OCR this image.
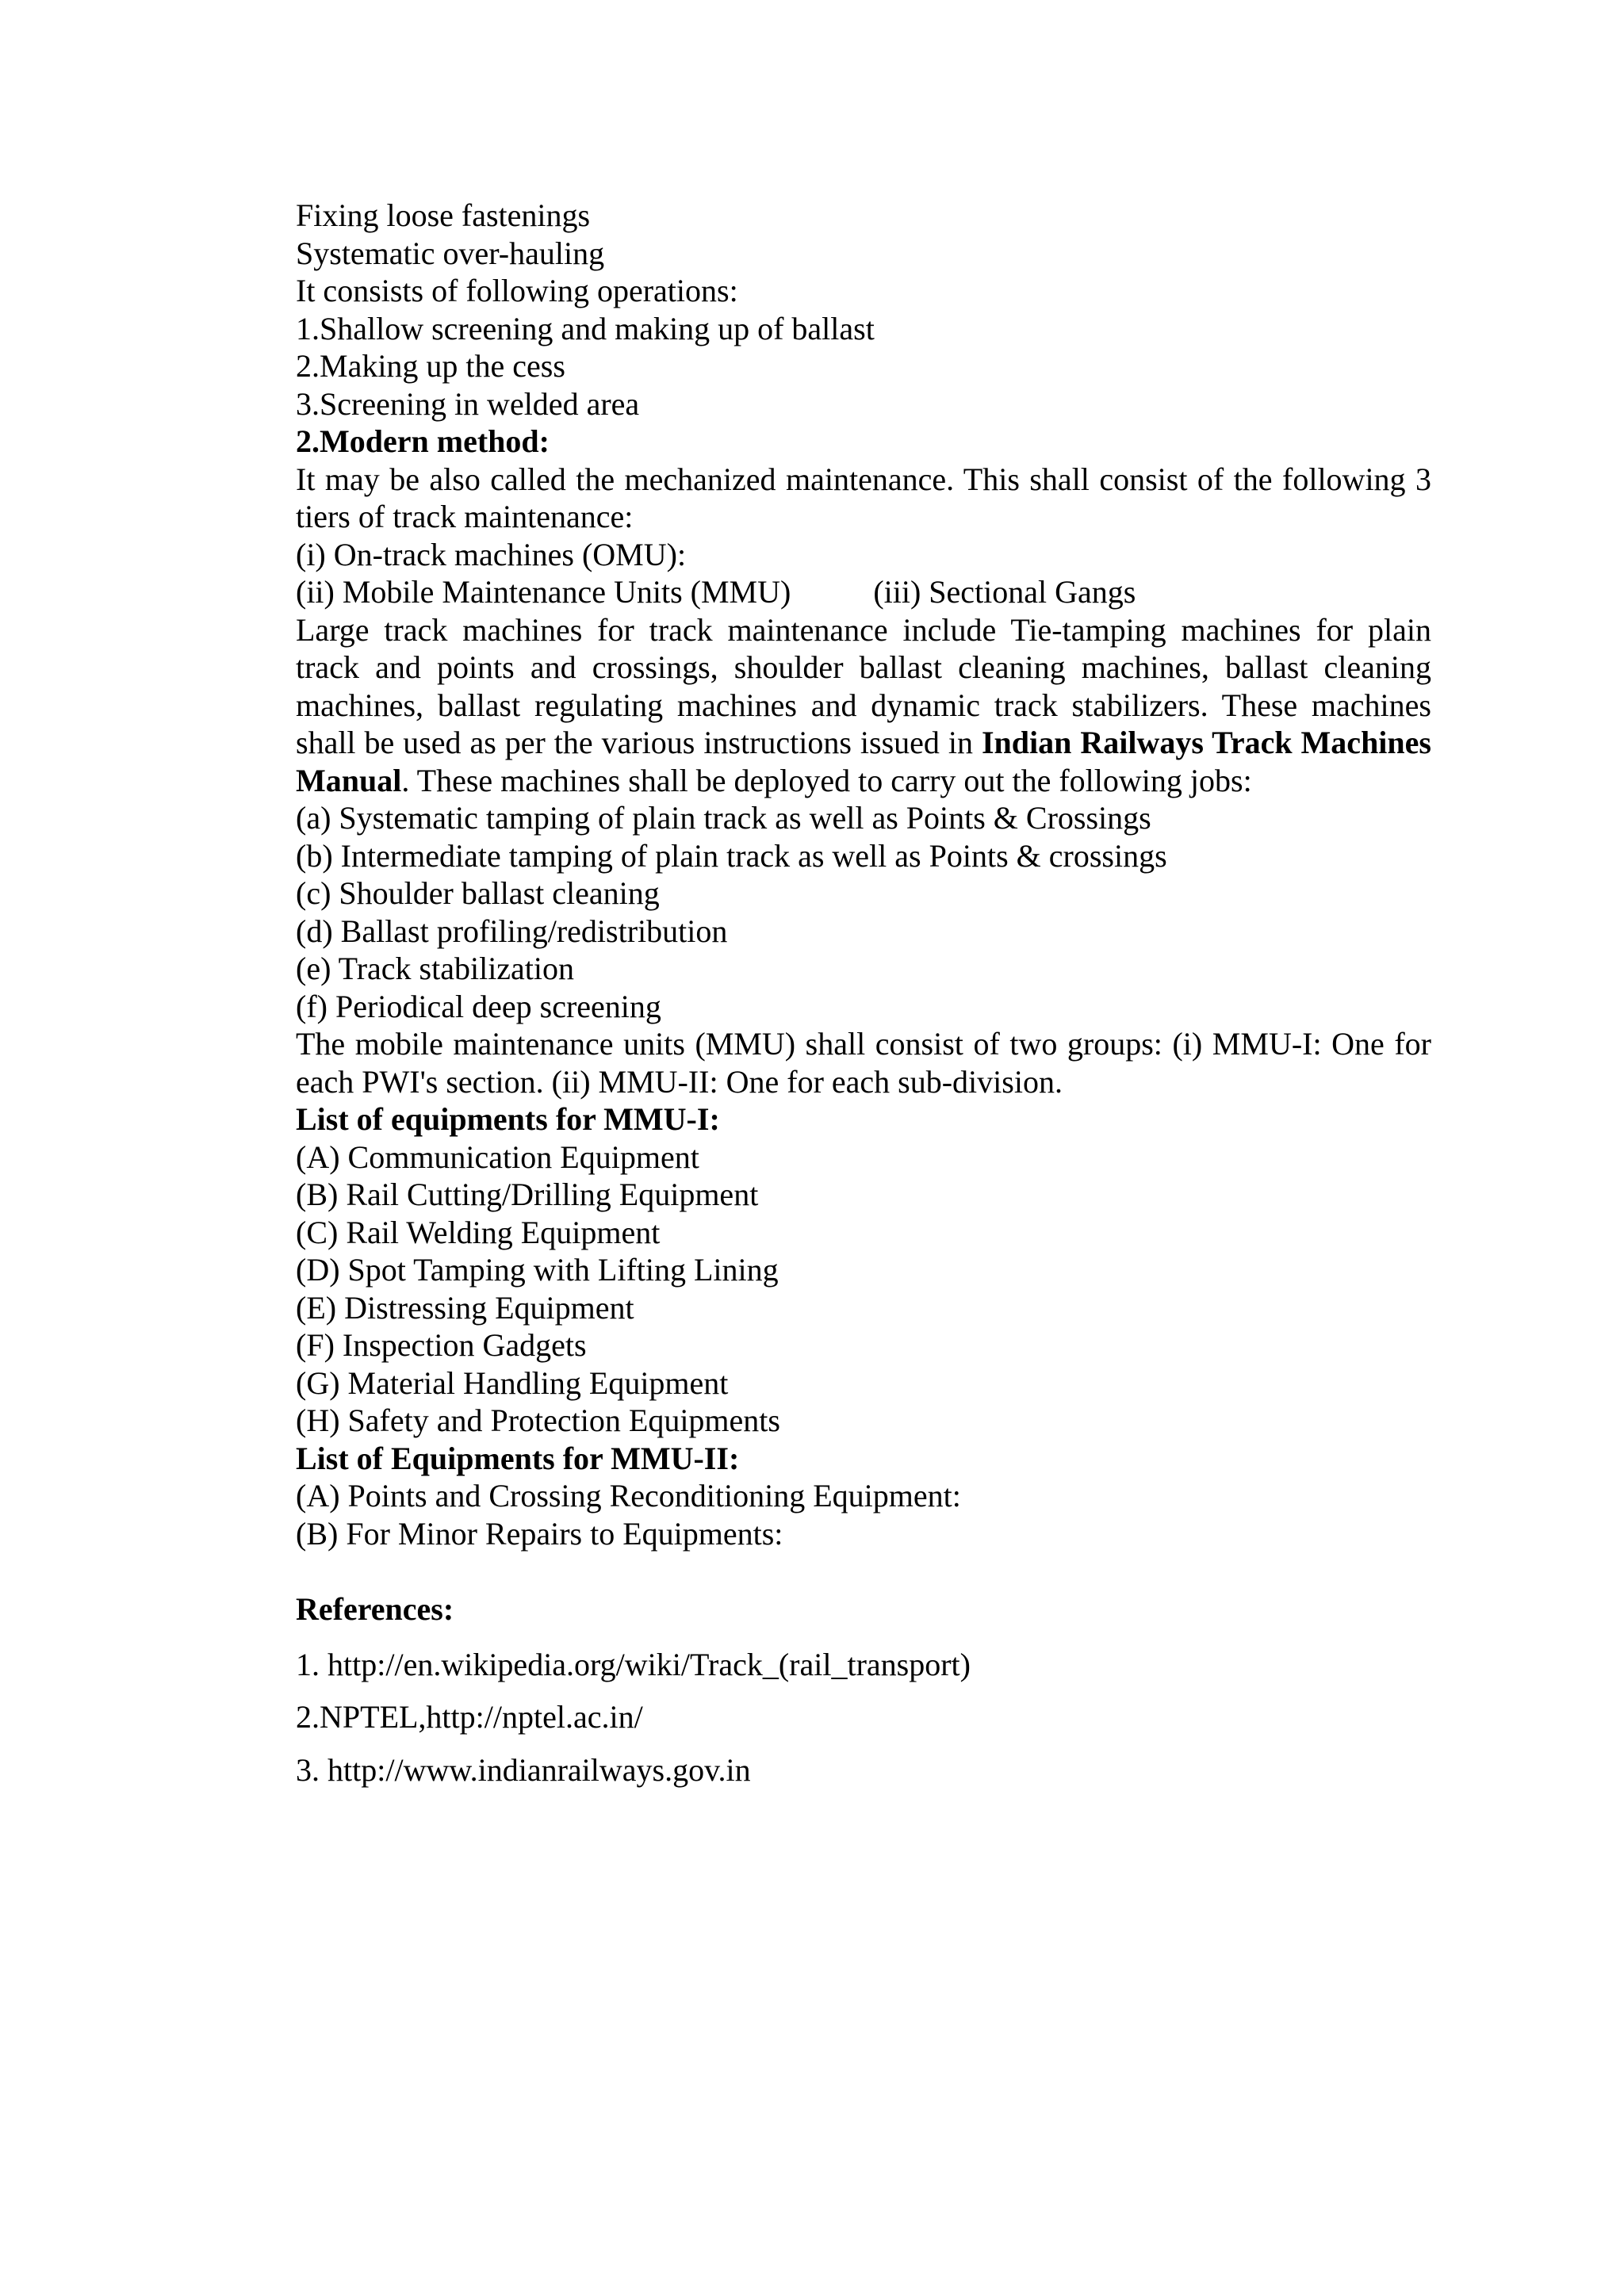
Fixing loose fastenings
Systematic over-hauling
It consists of following operations:
1.Shallow screening and making up of ballast
2.Making up the cess
3.Screening in welded area
2.Modern method:
It may be also called the mechanized maintenance. This shall consist of the following 3 tiers of track maintenance:
(i) On-track machines (OMU):
(ii) Mobile Maintenance Units (MMU)	(iii) Sectional Gangs
Large track machines for track maintenance include Tie-tamping machines for plain track and points and crossings, shoulder ballast cleaning machines, ballast cleaning machines, ballast regulating machines and dynamic track stabilizers. These machines shall be used as per the various instructions issued in Indian Railways Track Machines Manual. These machines shall be deployed to carry out the following jobs:
(a) Systematic tamping of plain track as well as Points & Crossings
(b) Intermediate tamping of plain track as well as Points & crossings
(c) Shoulder ballast cleaning
(d) Ballast profiling/redistribution
(e) Track stabilization
(f) Periodical deep screening
The mobile maintenance units (MMU) shall consist of two groups: (i) MMU-I: One for each PWI's section. (ii) MMU-II: One for each sub-division.
List of equipments for MMU-I:
(A) Communication Equipment
(B) Rail Cutting/Drilling Equipment
(C) Rail Welding Equipment
(D) Spot Tamping with Lifting Lining
(E) Distressing Equipment
(F) Inspection Gadgets
(G) Material Handling Equipment
(H) Safety and Protection Equipments
List of Equipments for MMU-II:
(A) Points and Crossing Reconditioning Equipment:
(B) For Minor Repairs to Equipments:
References:
1. http://en.wikipedia.org/wiki/Track_(rail_transport)
2.NPTEL,http://nptel.ac.in/
3. http://www.indianrailways.gov.in
